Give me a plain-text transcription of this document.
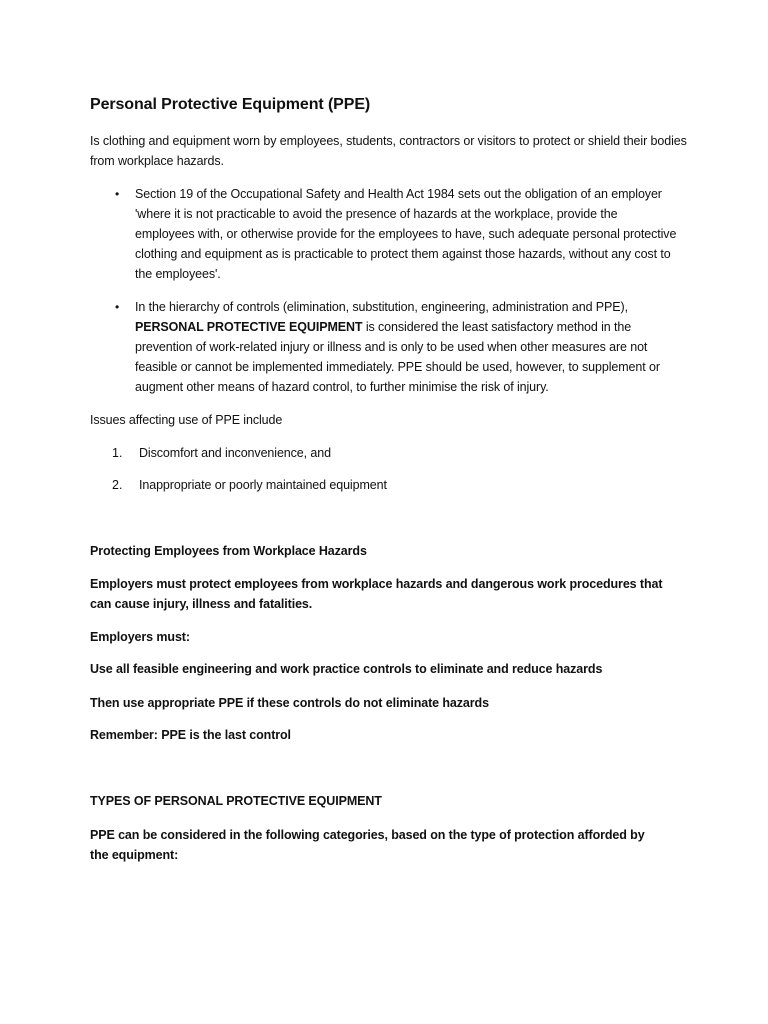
Personal Protective Equipment (PPE)

Is clothing and equipment worn by employees, students, contractors or visitors to protect or shield their bodies from workplace hazards.

• Section 19 of the Occupational Safety and Health Act 1984 sets out the obligation of an employer 'where it is not practicable to avoid the presence of hazards at the workplace, provide the employees with, or otherwise provide for the employees to have, such adequate personal protective clothing and equipment as is practicable to protect them against those hazards, without any cost to the employees'.

• In the hierarchy of controls (elimination, substitution, engineering, administration and PPE), PERSONAL PROTECTIVE EQUIPMENT is considered the least satisfactory method in the prevention of work-related injury or illness and is only to be used when other measures are not feasible or cannot be implemented immediately. PPE should be used, however, to supplement or augment other means of hazard control, to further minimise the risk of injury.

Issues affecting use of PPE include

1. Discomfort and inconvenience, and
2. Inappropriate or poorly maintained equipment

Protecting Employees from Workplace Hazards

Employers must protect employees from workplace hazards and dangerous work procedures that can cause injury, illness and fatalities.

Employers must:

Use all feasible engineering and work practice controls to eliminate and reduce hazards

Then use appropriate PPE if these controls do not eliminate hazards

Remember: PPE is the last control

TYPES OF PERSONAL PROTECTIVE EQUIPMENT

PPE can be considered in the following categories, based on the type of protection afforded by the equipment:
